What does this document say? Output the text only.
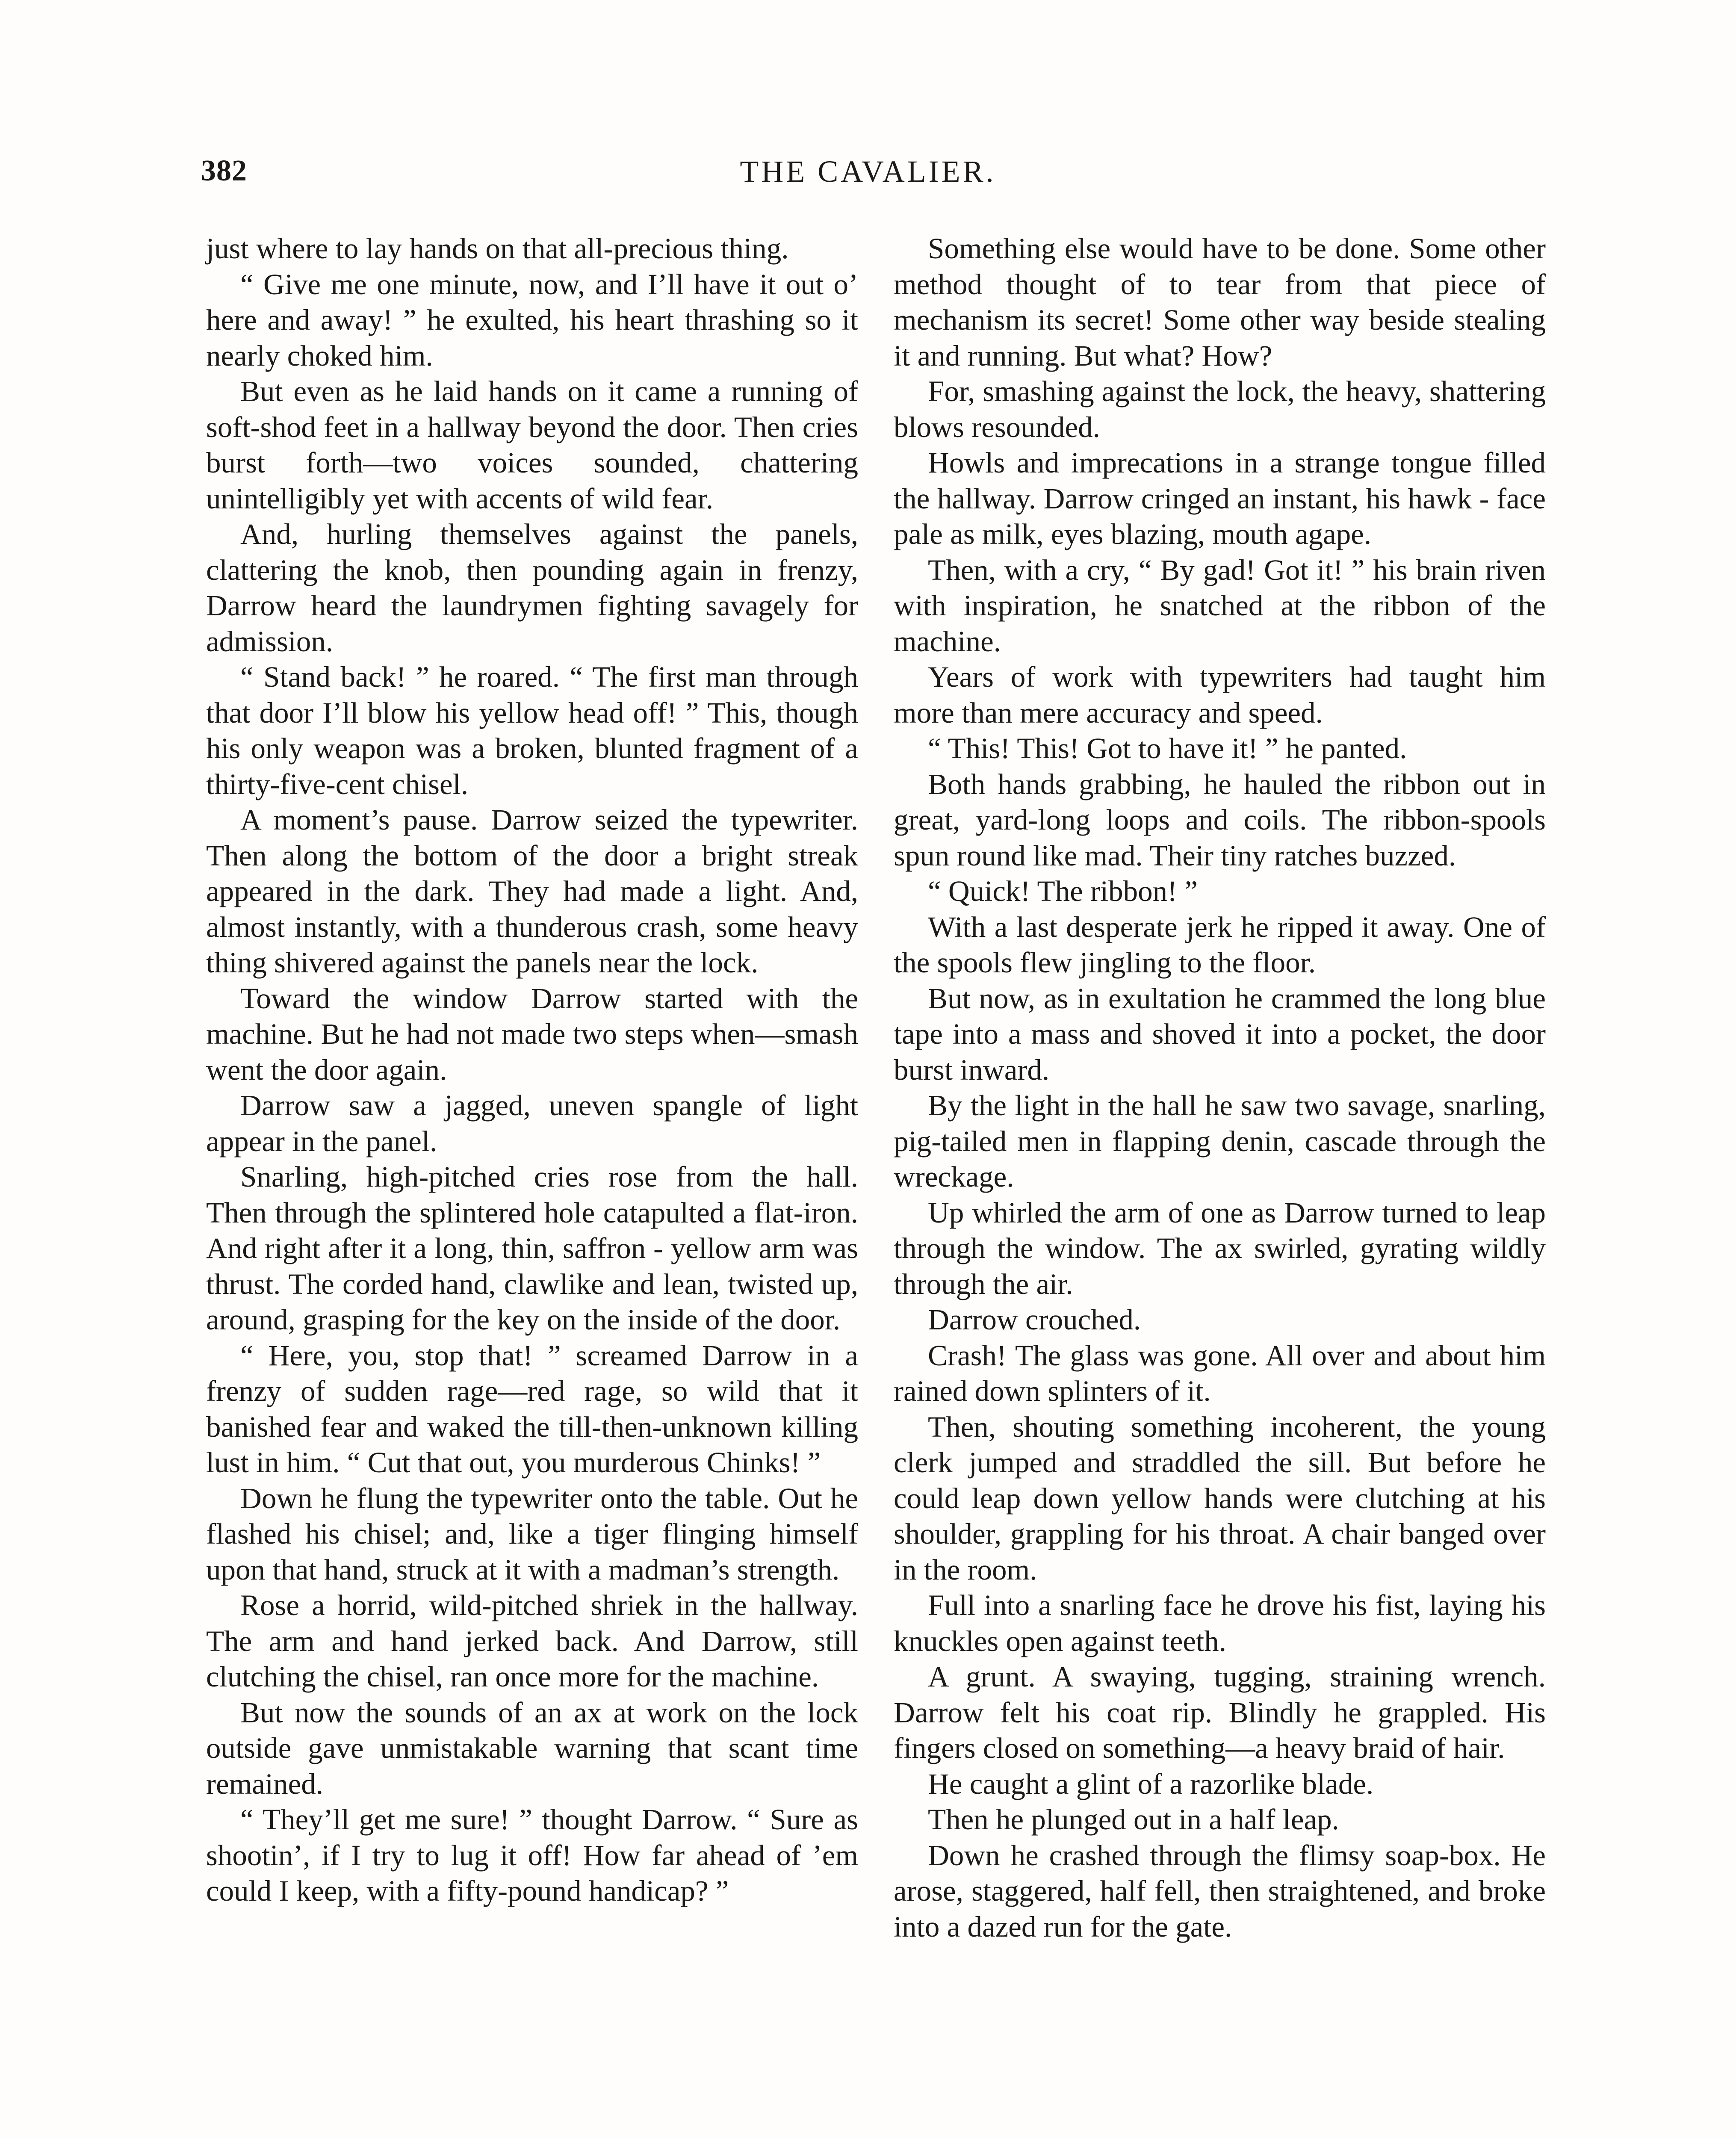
382	THE CAVALIER.

just where to lay hands on that all-precious thing.

“ Give me one minute, now, and I’ll have it out o’ here and away! ” he exulted, his heart thrashing so it nearly choked him.

But even as he laid hands on it came a running of soft-shod feet in a hallway beyond the door. Then cries burst forth—two voices sounded, chattering unintelligibly yet with accents of wild fear.

And, hurling themselves against the panels, clattering the knob, then pounding again in frenzy, Darrow heard the laundrymen fighting savagely for admission.

“ Stand back! ” he roared. “ The first man through that door I’ll blow his yellow head off! ” This, though his only weapon was a broken, blunted fragment of a thirty-five-cent chisel.

A moment’s pause. Darrow seized the typewriter. Then along the bottom of the door a bright streak appeared in the dark. They had made a light. And, almost instantly, with a thunderous crash, some heavy thing shivered against the panels near the lock.

Toward the window Darrow started with the machine. But he had not made two steps when—smash went the door again.

Darrow saw a jagged, uneven spangle of light appear in the panel.

Snarling, high-pitched cries rose from the hall. Then through the splintered hole catapulted a flat-iron. And right after it a long, thin, saffron - yellow arm was thrust. The corded hand, clawlike and lean, twisted up, around, grasping for the key on the inside of the door.

“ Here, you, stop that! ” screamed Darrow in a frenzy of sudden rage—red rage, so wild that it banished fear and waked the till-then-unknown killing lust in him. “ Cut that out, you murderous Chinks! ”

Down he flung the typewriter onto the table. Out he flashed his chisel; and, like a tiger flinging himself upon that hand, struck at it with a madman’s strength.

Rose a horrid, wild-pitched shriek in the hallway. The arm and hand jerked back. And Darrow, still clutching the chisel, ran once more for the machine.

But now the sounds of an ax at work on the lock outside gave unmistakable warning that scant time remained.

“ They’ll get me sure! ” thought Darrow. “ Sure as shootin’, if I try to lug it off! How far ahead of ’em could I keep, with a fifty-pound handicap? ”

Something else would have to be done. Some other method thought of to tear from that piece of mechanism its secret! Some other way beside stealing it and running. But what? How?

For, smashing against the lock, the heavy, shattering blows resounded.

Howls and imprecations in a strange tongue filled the hallway. Darrow cringed an instant, his hawk - face pale as milk, eyes blazing, mouth agape.

Then, with a cry, “ By gad! Got it! ” his brain riven with inspiration, he snatched at the ribbon of the machine.

Years of work with typewriters had taught him more than mere accuracy and speed.

“ This! This! Got to have it! ” he panted.

Both hands grabbing, he hauled the ribbon out in great, yard-long loops and coils. The ribbon-spools spun round like mad. Their tiny ratches buzzed.

“ Quick! The ribbon! ”

With a last desperate jerk he ripped it away. One of the spools flew jingling to the floor.

But now, as in exultation he crammed the long blue tape into a mass and shoved it into a pocket, the door burst inward.

By the light in the hall he saw two savage, snarling, pig-tailed men in flapping denin, cascade through the wreckage.

Up whirled the arm of one as Darrow turned to leap through the window. The ax swirled, gyrating wildly through the air.

Darrow crouched.

Crash! The glass was gone. All over and about him rained down splinters of it.

Then, shouting something incoherent, the young clerk jumped and straddled the sill. But before he could leap down yellow hands were clutching at his shoulder, grappling for his throat. A chair banged over in the room.

Full into a snarling face he drove his fist, laying his knuckles open against teeth.

A grunt. A swaying, tugging, straining wrench. Darrow felt his coat rip. Blindly he grappled. His fingers closed on something—a heavy braid of hair.

He caught a glint of a razorlike blade.

Then he plunged out in a half leap.

Down he crashed through the flimsy soap-box. He arose, staggered, half fell, then straightened, and broke into a dazed run for the gate.
